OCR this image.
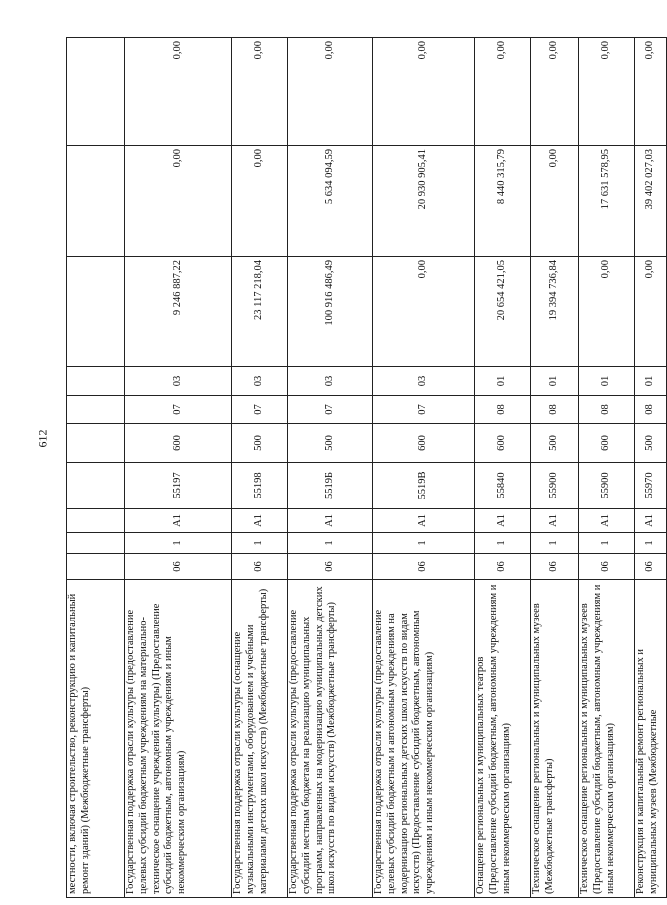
612
местности, включая строительство, реконструкцию и капитальный ремонт зданий) (Межбюджетные трансферты)										
Государственная поддержка отрасли культуры (предоставление целевых субсидий бюджетным учреждениям на материально-техническое оснащение учреждений культуры) (Предоставление субсидий бюджетным, автономным учреждениям и иным некоммерческим организациям)	06	1	А1	55197	600	07	03	9 246 887,22	0,00	0,00
Государственная поддержка отрасли культуры (оснащение музыкальными инструментами, оборудованием и учебными материалами детских школ искусств) (Межбюджетные трансферты)	06	1	А1	55198	500	07	03	23 117 218,04	0,00	0,00
Государственная поддержка отрасли культуры (предоставление субсидий местным бюджетам на реализацию муниципальных программ, направленных на модернизацию муниципальных детских школ искусств по видам искусств) (Межбюджетные трансферты)	06	1	А1	5519Б	500	07	03	100 916 486,49	5 634 094,59	0,00
Государственная поддержка отрасли культуры (предоставление целевых субсидий бюджетным и автономным учреждениям на модернизацию региональных детских школ искусств по видам искусств) (Предоставление субсидий бюджетным, автономным учреждениям и иным некоммерческим организациям)	06	1	А1	5519В	600	07	03	0,00	20 930 905,41	0,00
Оснащение региональных и муниципальных театров (Предоставление субсидий бюджетным, автономным учреждениям и иным некоммерческим организациям)	06	1	А1	55840	600	08	01	20 654 421,05	8 440 315,79	0,00
Техническое оснащение региональных и муниципальных музеев (Межбюджетные трансферты)	06	1	А1	55900	500	08	01	19 394 736,84	0,00	0,00
Техническое оснащение региональных и муниципальных музеев (Предоставление субсидий бюджетным, автономным учреждениям и иным некоммерческим организациям)	06	1	А1	55900	600	08	01	0,00	17 631 578,95	0,00
Реконструкция и капитальный ремонт региональных и муниципальных музеев (Межбюджетные	06	1	А1	55970	500	08	01	0,00	39 402 027,03	0,00
